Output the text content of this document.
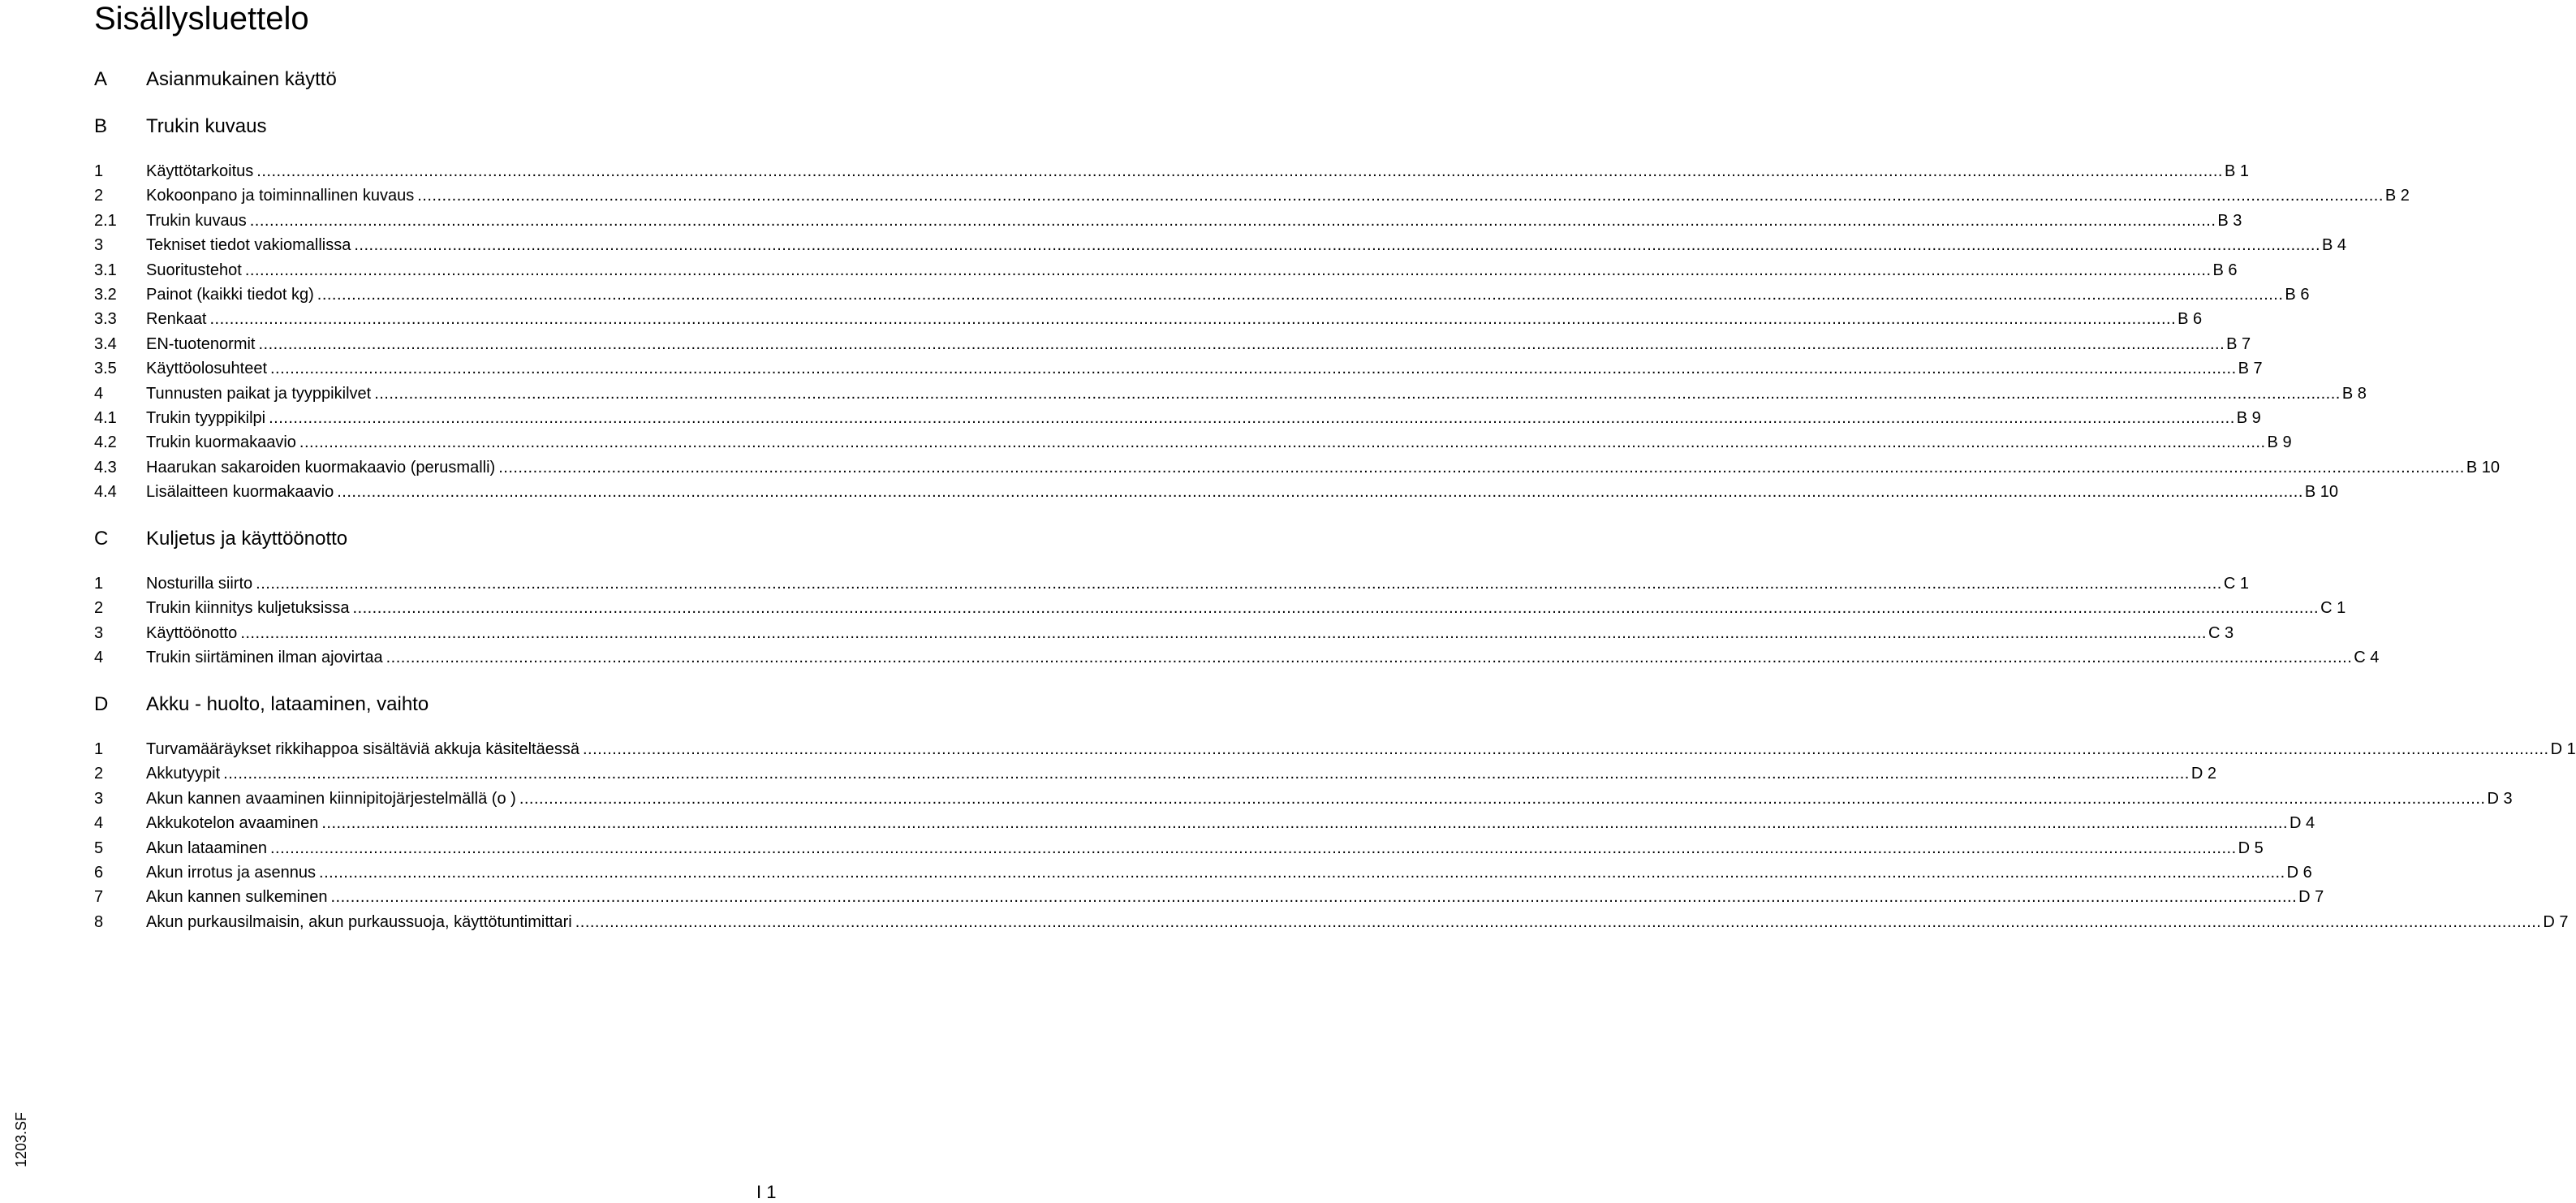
Sisällysluettelo
A Asianmukainen käyttö
B Trukin kuvaus
1	Käyttötarkoitus ................................................................................................................................................................................................................................................................................................................................................................................................................ B 1
2	Kokoonpano ja toiminnallinen kuvaus ................................................................................................................................................................................................................................................................................................................................................................................................................ B 2
2.1 Trukin kuvaus ................................................................................................................................................................................................................................................................................................................................................................................................................ B 3
3	Tekniset tiedot vakiomallissa ................................................................................................................................................................................................................................................................................................................................................................................................................ B 4
3.1 Suoritustehot ................................................................................................................................................................................................................................................................................................................................................................................................................ B 6
3.2 Painot (kaikki tiedot kg) ................................................................................................................................................................................................................................................................................................................................................................................................................ B 6
3.3 Renkaat ................................................................................................................................................................................................................................................................................................................................................................................................................ B 6
3.4 EN-tuotenormit ................................................................................................................................................................................................................................................................................................................................................................................................................ B 7
3.5 Käyttöolosuhteet ................................................................................................................................................................................................................................................................................................................................................................................................................ B 7
4	Tunnusten paikat ja tyyppikilvet ................................................................................................................................................................................................................................................................................................................................................................................................................ B 8
4.1 Trukin tyyppikilpi ................................................................................................................................................................................................................................................................................................................................................................................................................ B 9
4.2 Trukin kuormakaavio ................................................................................................................................................................................................................................................................................................................................................................................................................ B 9
4.3 Haarukan sakaroiden kuormakaavio (perusmalli) ................................................................................................................................................................................................................................................................................................................................................................................................................ B 10
4.4 Lisälaitteen kuormakaavio ................................................................................................................................................................................................................................................................................................................................................................................................................ B 10
C Kuljetus ja käyttöönotto
1	Nosturilla siirto ................................................................................................................................................................................................................................................................................................................................................................................................................ C 1
2	Trukin kiinnitys kuljetuksissa ................................................................................................................................................................................................................................................................................................................................................................................................................ C 1
3	Käyttöönotto ................................................................................................................................................................................................................................................................................................................................................................................................................ C 3
4	Trukin siirtäminen ilman ajovirtaa ................................................................................................................................................................................................................................................................................................................................................................................................................ C 4
D Akku - huolto, lataaminen, vaihto
1	Turvamääräykset rikkihappoa sisältäviä akkuja käsiteltäessä ................................................................................................................................................................................................................................................................................................................................................................................................................ D 1
2	Akkutyypit ................................................................................................................................................................................................................................................................................................................................................................................................................ D 2
3	Akun kannen avaaminen kiinnipitojärjestelmällä (o ) ................................................................................................................................................................................................................................................................................................................................................................................................................ D 3
4	Akkukotelon avaaminen ................................................................................................................................................................................................................................................................................................................................................................................................................ D 4
5	Akun lataaminen ................................................................................................................................................................................................................................................................................................................................................................................................................ D 5
6	Akun irrotus ja asennus ................................................................................................................................................................................................................................................................................................................................................................................................................ D 6
7	Akun kannen sulkeminen ................................................................................................................................................................................................................................................................................................................................................................................................................ D 7
8	Akun purkausilmaisin, akun purkaussuoja, käyttötuntimittari ................................................................................................................................................................................................................................................................................................................................................................................................................ D 7
1203.SF
I 1
